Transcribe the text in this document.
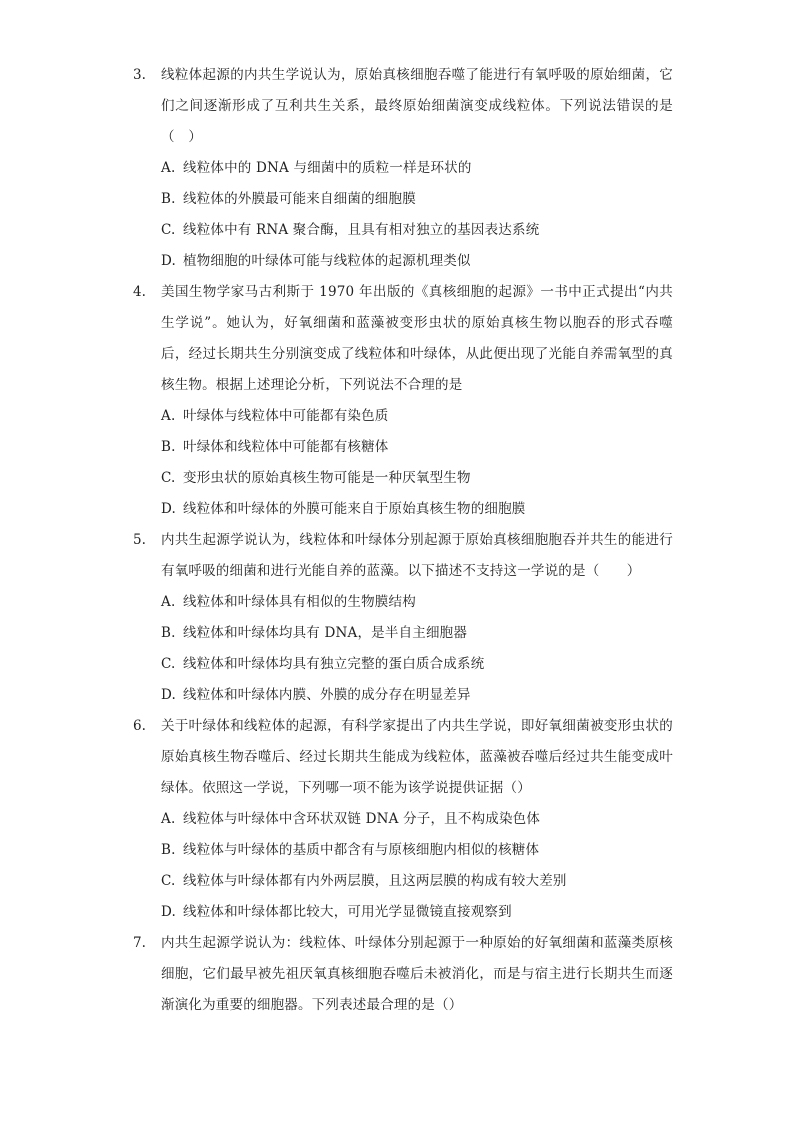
3.	线粒体起源的内共生学说认为，原始真核细胞吞噬了能进行有氧呼吸的原始细菌，它们之间逐渐形成了互利共生关系，最终原始细菌演变成线粒体。下列说法错误的是（　）
A. 线粒体中的 DNA 与细菌中的质粒一样是环状的
B. 线粒体的外膜最可能来自细菌的细胞膜
C. 线粒体中有 RNA 聚合酶，且具有相对独立的基因表达系统
D. 植物细胞的叶绿体可能与线粒体的起源机理类似
4.	美国生物学家马古利斯于 1970 年出版的《真核细胞的起源》一书中正式提出“内共生学说”。她认为，好氧细菌和蓝藻被变形虫状的原始真核生物以胞吞的形式吞噬后，经过长期共生分别演变成了线粒体和叶绿体，从此便出现了光能自养需氧型的真核生物。根据上述理论分析，下列说法不合理的是
A. 叶绿体与线粒体中可能都有染色质
B. 叶绿体和线粒体中可能都有核糖体
C. 变形虫状的原始真核生物可能是一种厌氧型生物
D. 线粒体和叶绿体的外膜可能来自于原始真核生物的细胞膜
5.	内共生起源学说认为，线粒体和叶绿体分别起源于原始真核细胞胞吞并共生的能进行有氧呼吸的细菌和进行光能自养的蓝藻。以下描述不支持这一学说的是（　　）
A. 线粒体和叶绿体具有相似的生物膜结构
B. 线粒体和叶绿体均具有 DNA，是半自主细胞器
C. 线粒体和叶绿体均具有独立完整的蛋白质合成系统
D. 线粒体和叶绿体内膜、外膜的成分存在明显差异
6.	关于叶绿体和线粒体的起源，有科学家提出了内共生学说，即好氧细菌被变形虫状的原始真核生物吞噬后、经过长期共生能成为线粒体，蓝藻被吞噬后经过共生能变成叶绿体。依照这一学说，下列哪一项不能为该学说提供证据（）
A. 线粒体与叶绿体中含环状双链 DNA 分子，且不构成染色体
B. 线粒体与叶绿体的基质中都含有与原核细胞内相似的核糖体
C. 线粒体与叶绿体都有内外两层膜，且这两层膜的构成有较大差别
D. 线粒体和叶绿体都比较大，可用光学显微镜直接观察到
7.	内共生起源学说认为：线粒体、叶绿体分别起源于一种原始的好氧细菌和蓝藻类原核细胞，它们最早被先祖厌氧真核细胞吞噬后未被消化，而是与宿主进行长期共生而逐渐演化为重要的细胞器。下列表述最合理的是（）
